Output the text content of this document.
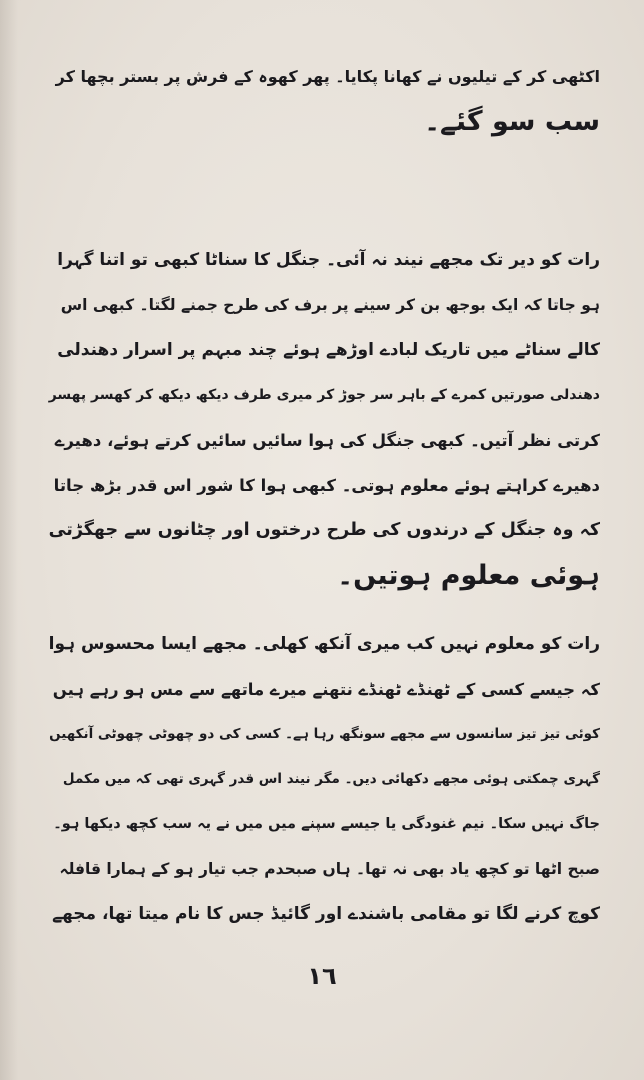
اکٹھی کر کے تیلیوں نے کھانا پکایا۔ پھر کھوہ کے فرش پر بستر بچھا کر
سب سو گئے۔
رات کو دیر تک مجھے نیند نہ آئی۔ جنگل کا سناٹا کبھی تو اتنا گہرا
ہو جاتا کہ ایک بوجھ بن کر سینے پر برف کی طرح جمنے لگتا۔ کبھی اس
کالے سناٹے میں تاریک لبادے اوڑھے ہوئے چند مبہم پر اسرار دھندلی
دھندلی صورتیں کمرے کے باہر سر جوڑ کر میری طرف دیکھ دیکھ کر کھسر پھسر
کرتی نظر آتیں۔ کبھی جنگل کی ہوا سائیں سائیں کرتے ہوئے، دھیرے
دھیرے کراہتے ہوئے معلوم ہوتی۔ کبھی ہوا کا شور اس قدر بڑھ جاتا
کہ وہ جنگل کے درندوں کی طرح درختوں اور چٹانوں سے جھگڑتی
ہوئی معلوم ہوتیں۔
رات کو معلوم نہیں کب میری آنکھ کھلی۔ مجھے ایسا محسوس ہوا
کہ جیسے کسی کے ٹھنڈے ٹھنڈے نتھنے میرے ماتھے سے مس ہو رہے ہیں
کوئی تیز تیز سانسوں سے مجھے سونگھ رہا ہے۔ کسی کی دو چھوٹی چھوٹی آنکھیں
گہری چمکتی ہوئی مجھے دکھائی دیں۔ مگر نیند اس قدر گہری تھی کہ میں مکمل
جاگ نہیں سکا۔ نیم غنودگی یا جیسے سپنے میں میں نے یہ سب کچھ دیکھا ہو۔
صبح اٹھا تو کچھ یاد بھی نہ تھا۔ ہاں صبحدم جب تیار ہو کے ہمارا قافلہ
کوچ کرنے لگا تو مقامی باشندے اور گائیڈ جس کا نام میتا تھا، مجھے
١٦
